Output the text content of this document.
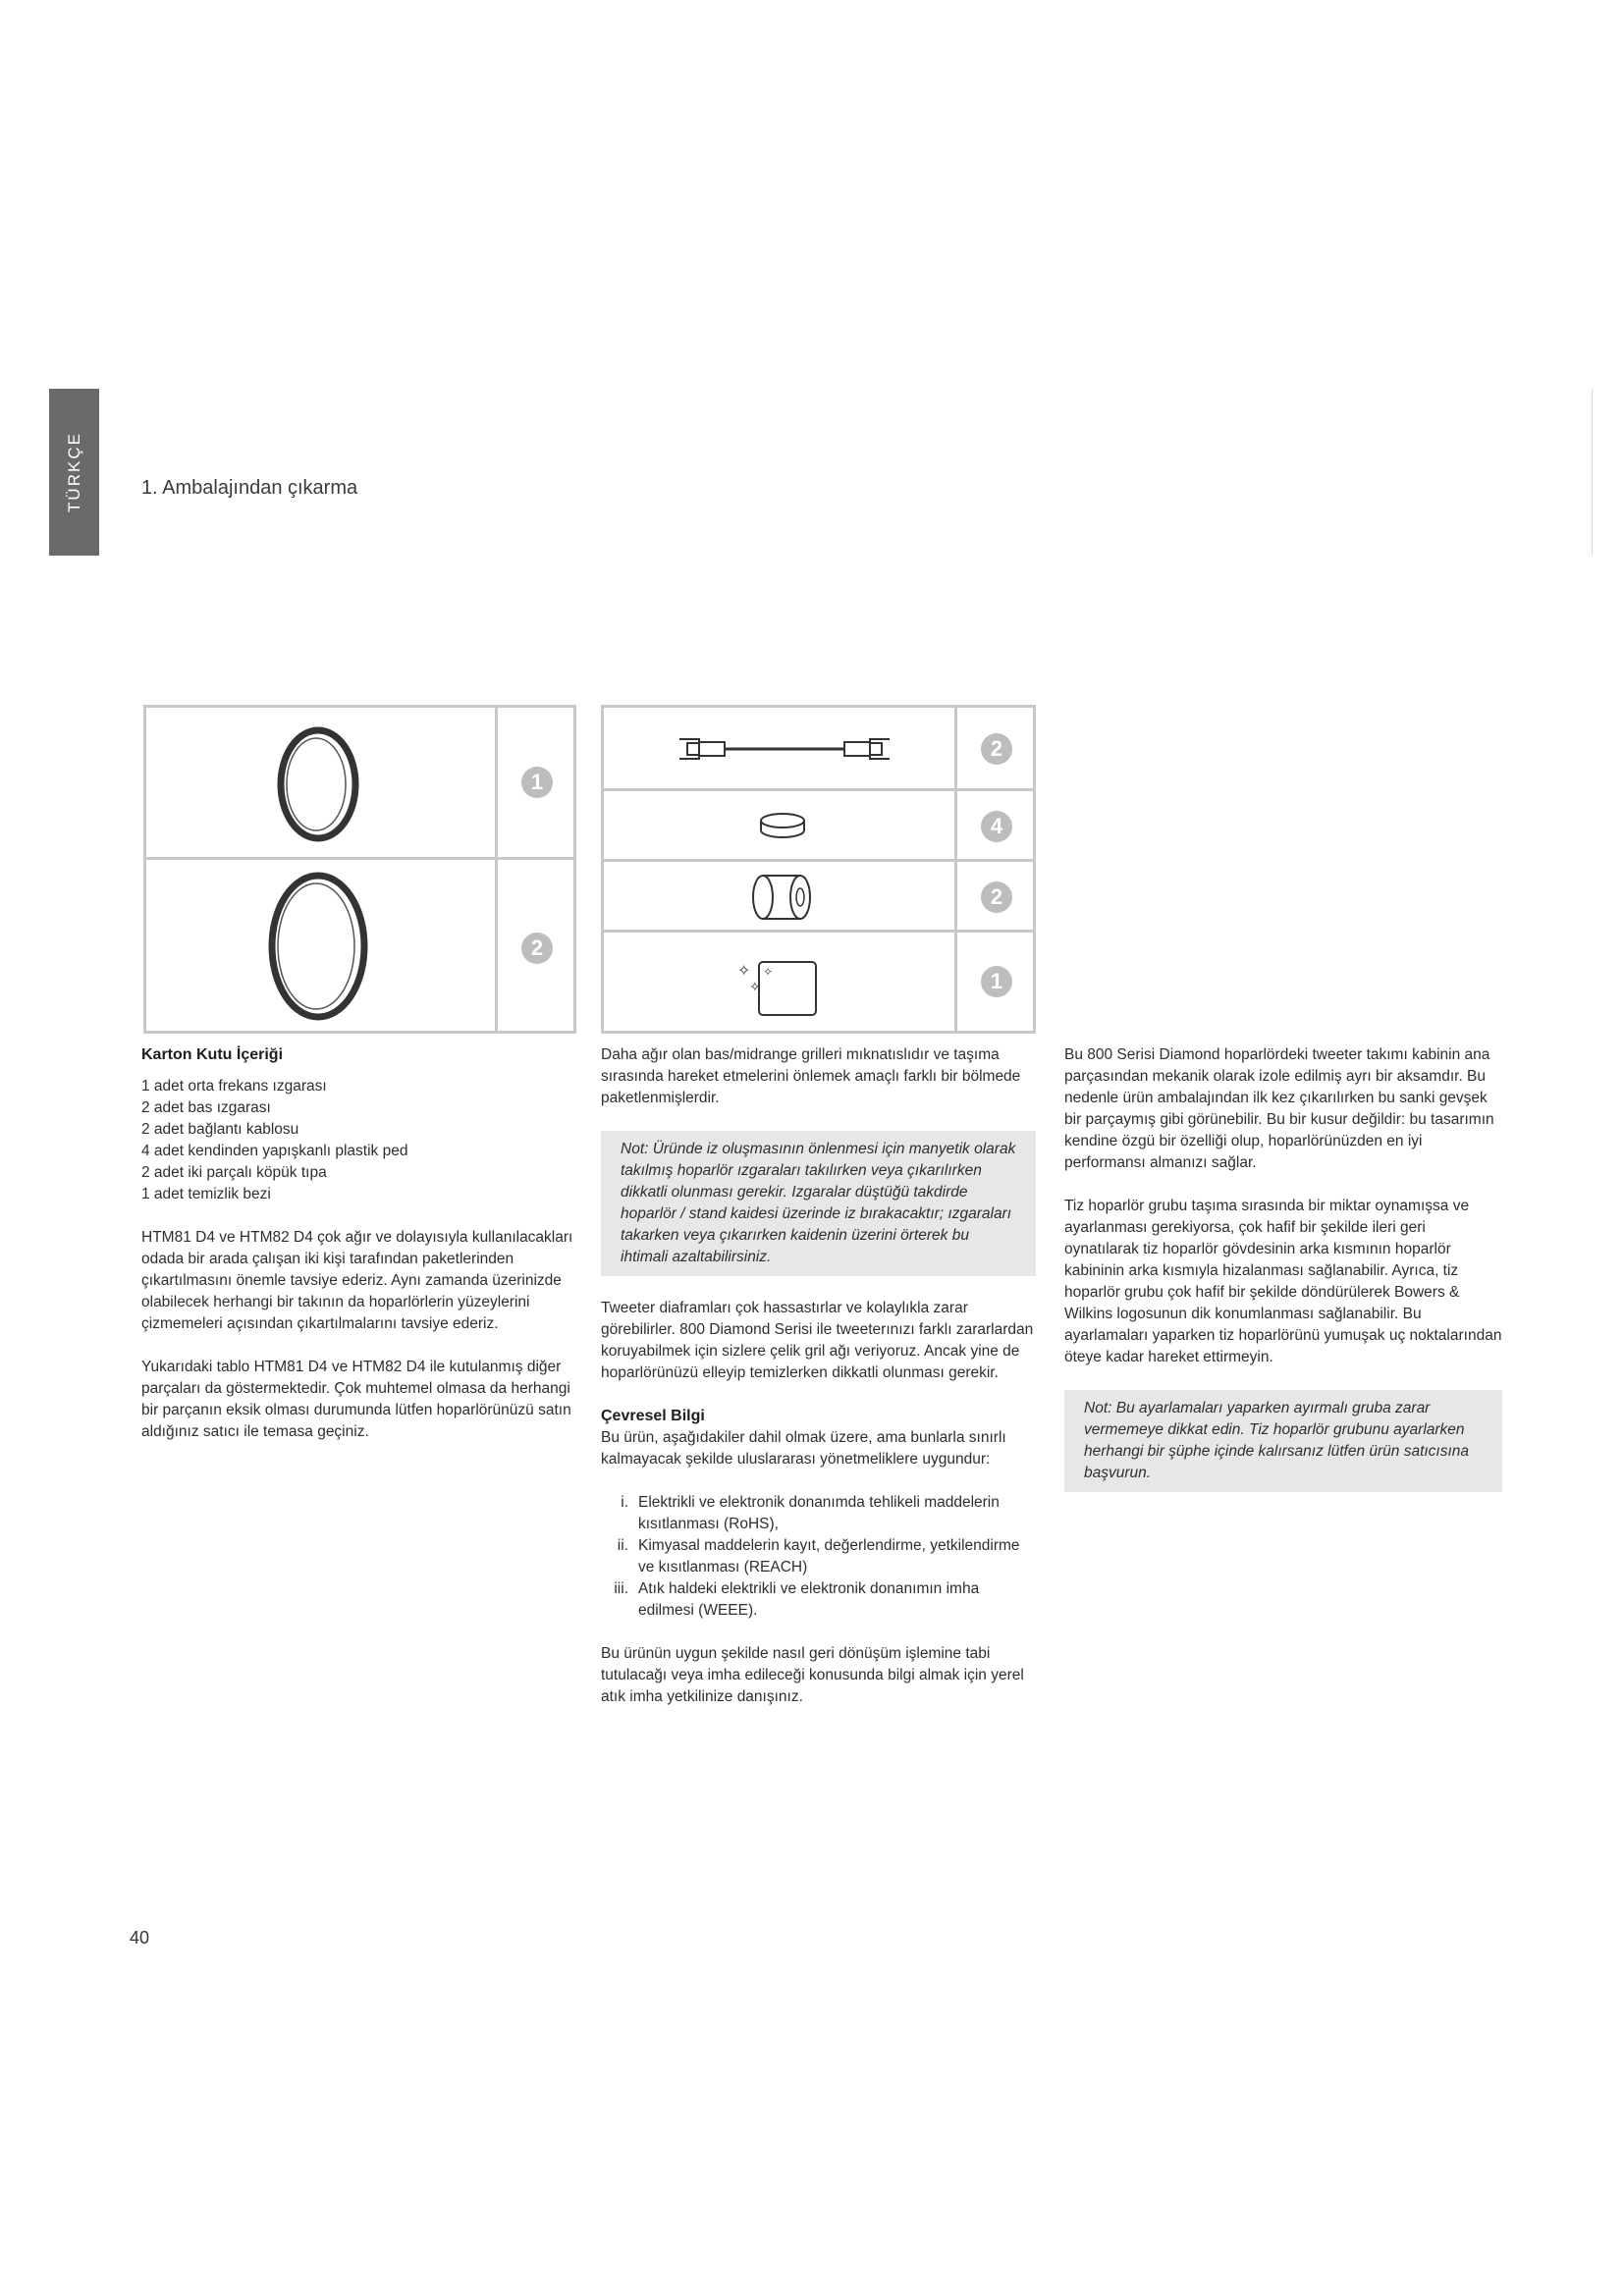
TÜRKÇE	1. Ambalajından çıkarma
1
2
2
4
2
✧
✧
✧	1
Karton Kutu İçeriği

1 adet orta frekans ızgarası
2 adet bas ızgarası
2 adet bağlantı kablosu
4 adet kendinden yapışkanlı plastik ped
2 adet iki parçalı köpük tıpa
1 adet temizlik bezi

HTM81 D4 ve HTM82 D4 çok ağır ve dolayısıyla kullanılacakları odada bir arada çalışan iki kişi tarafından paketlerinden çıkartılmasını önemle tavsiye ederiz. Aynı zamanda üzerinizde olabilecek herhangi bir takının da hoparlörlerin yüzeylerini çizmemeleri açısından çıkartılmalarını tavsiye ederiz.

Yukarıdaki tablo HTM81 D4 ve HTM82 D4 ile kutulanmış diğer parçaları da göstermektedir. Çok muhtemel olmasa da herhangi bir parçanın eksik olması durumunda lütfen hoparlörünüzü satın aldığınız satıcı ile temasa geçiniz.

Daha ağır olan bas/midrange grilleri mıknatıslıdır ve taşıma sırasında hareket etmelerini önlemek amaçlı farklı bir bölmede paketlenmişlerdir.

Not: Üründe iz oluşmasının önlenmesi için manyetik olarak takılmış hoparlör ızgaraları takılırken veya çıkarılırken dikkatli olunması gerekir. Izgaralar düştüğü takdirde hoparlör / stand kaidesi üzerinde iz bırakacaktır; ızgaraları takarken veya çıkarırken kaidenin üzerini örterek bu ihtimali azaltabilirsiniz.

Tweeter diaframları çok hassastırlar ve kolaylıkla zarar görebilirler. 800 Diamond Serisi ile tweeterınızı farklı zararlardan koruyabilmek için sizlere çelik gril ağı veriyoruz. Ancak yine de hoparlörünüzü elleyip temizlerken dikkatli olunması gerekir.

Çevresel Bilgi

Bu ürün, aşağıdakiler dahil olmak üzere, ama bunlarla sınırlı kalmayacak şekilde uluslararası yönetmeliklere uygundur:

i. Elektrikli ve elektronik donanımda tehlikeli maddelerin kısıtlanması (RoHS),
ii. Kimyasal maddelerin kayıt, değerlendirme, yetkilendirme ve kısıtlanması (REACH)
iii. Atık haldeki elektrikli ve elektronik donanımın imha edilmesi (WEEE).

Bu ürünün uygun şekilde nasıl geri dönüşüm işlemine tabi tutulacağı veya imha edileceği konusunda bilgi almak için yerel atık imha yetkilinize danışınız.

Bu 800 Serisi Diamond hoparlördeki tweeter takımı kabinin ana parçasından mekanik olarak izole edilmiş ayrı bir aksamdır. Bu nedenle ürün ambalajından ilk kez çıkarılırken bu sanki gevşek bir parçaymış gibi görünebilir. Bu bir kusur değildir: bu tasarımın kendine özgü bir özelliği olup, hoparlörünüzden en iyi performansı almanızı sağlar.

Tiz hoparlör grubu taşıma sırasında bir miktar oynamışsa ve ayarlanması gerekiyorsa, çok hafif bir şekilde ileri geri oynatılarak tiz hoparlör gövdesinin arka kısmının hoparlör kabininin arka kısmıyla hizalanması sağlanabilir. Ayrıca, tiz hoparlör grubu çok hafif bir şekilde döndürülerek Bowers & Wilkins logosunun dik konumlanması sağlanabilir. Bu ayarlamaları yaparken tiz hoparlörünü yumuşak uç noktalarından öteye kadar hareket ettirmeyin.

Not: Bu ayarlamaları yaparken ayırmalı gruba zarar vermemeye dikkat edin. Tiz hoparlör grubunu ayarlarken herhangi bir şüphe içinde kalırsanız lütfen ürün satıcısına başvurun.
40
